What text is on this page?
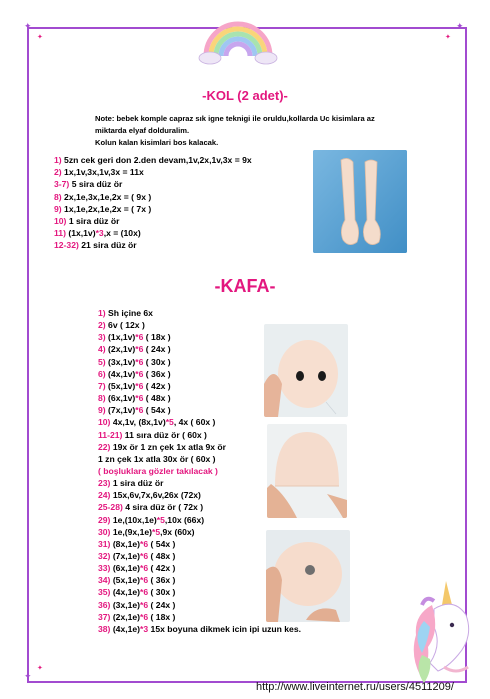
✦
✦
✦
✦
✦
✦
-KOL (2 adet)-
Note: bebek komple capraz sık igne teknigi ile oruldu,kollarda Uc kisimlara az
miktarda elyaf dolduralim.
Kolun kalan kisimlari bos kalacak.
1) 5zn cek geri don 2.den devam,1v,2x,1v,3x = 9x
2) 1x,1v,3x,1v,3x = 11x
3-7) 5 sira düz ör
8) 2x,1e,3x,1e,2x = ( 9x )
9) 1x,1e,2x,1e,2x = ( 7x )
10) 1 sira düz ör
11) (1x,1v)*3,x = (10x)
12-32) 21 sira düz ör
-KAFA-
1) Sh içine 6x
2) 6v ( 12x )
3) (1x,1v)*6 ( 18x )
4) (2x,1v)*6 ( 24x )
5) (3x,1v)*6 ( 30x )
6) (4x,1v)*6 ( 36x )
7) (5x,1v)*6 ( 42x )
8) (6x,1v)*6 ( 48x )
9) (7x,1v)*6 ( 54x )
10) 4x,1v, (8x,1v)*5, 4x ( 60x )
11-21) 11 sıra düz ör ( 60x )
22) 19x ör 1 zn çek 1x atla 9x ör
1 zn çek 1x atla 30x ör ( 60x )
( boşluklara gözler takılacak )
23) 1 sira düz ör
24) 15x,6v,7x,6v,26x (72x)
25-28) 4 sira düz ör ( 72x )
29) 1e,(10x,1e)*5,10x (66x)
30) 1e,(9x,1e)*5,9x (60x)
31) (8x,1e)*6 ( 54x )
32) (7x,1e)*6 ( 48x )
33) (6x,1e)*6 ( 42x )
34) (5x,1e)*6 ( 36x )
35) (4x,1e)*6 ( 30x )
36) (3x,1e)*6 ( 24x )
37) (2x,1e)*6 ( 18x )
38) (4x,1e)*3 15x boyuna dikmek icin ipi uzun kes.
http://www.liveinternet.ru/users/4511209/
